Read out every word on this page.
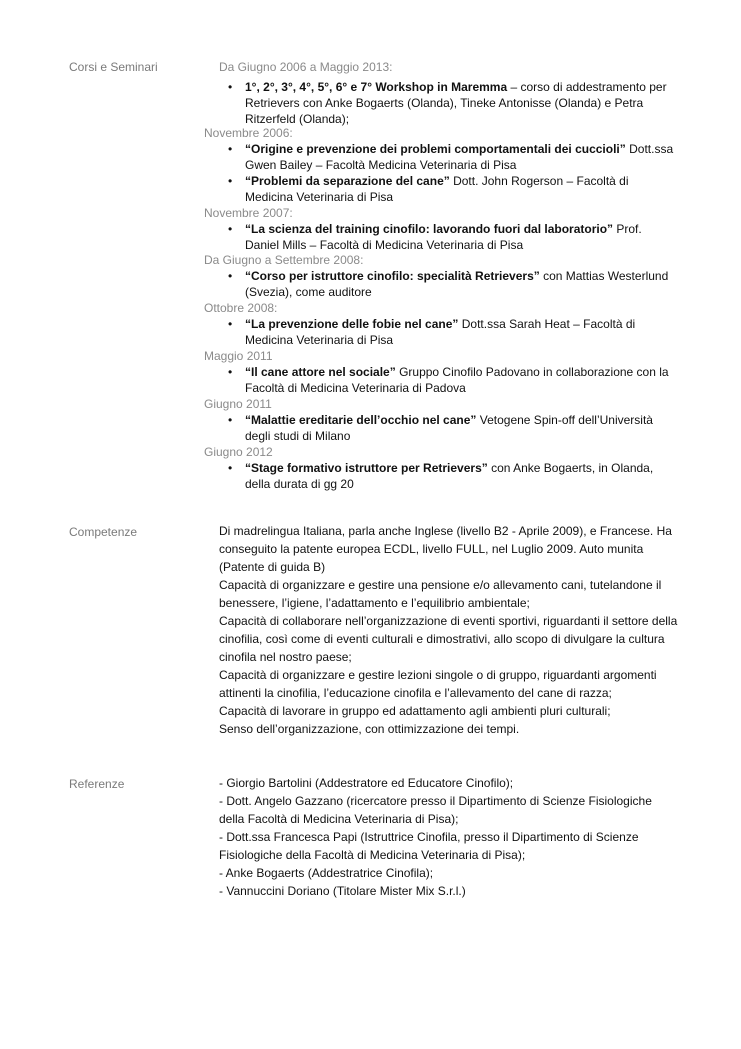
Corsi e Seminari	Da Giugno 2006 a Maggio 2013:
• 1°, 2°, 3°, 4°, 5°, 6° e 7° Workshop in Maremma – corso di addestramento per Retrievers con Anke Bogaerts (Olanda), Tineke Antonisse (Olanda) e Petra Ritzerfeld (Olanda);
Novembre 2006:
• “Origine e prevenzione dei problemi comportamentali dei cuccioli” Dott.ssa Gwen Bailey – Facoltà Medicina Veterinaria di Pisa
• “Problemi da separazione del cane” Dott. John Rogerson – Facoltà di Medicina Veterinaria di Pisa
Novembre 2007:
• “La scienza del training cinofilo: lavorando fuori dal laboratorio” Prof. Daniel Mills – Facoltà di Medicina Veterinaria di Pisa
Da Giugno a Settembre 2008:
• “Corso per istruttore cinofilo: specialità Retrievers” con Mattias Westerlund (Svezia), come auditore
Ottobre 2008:
• “La prevenzione delle fobie nel cane” Dott.ssa Sarah Heat – Facoltà di Medicina Veterinaria di Pisa
Maggio 2011
• “Il cane attore nel sociale” Gruppo Cinofilo Padovano in collaborazione con la Facoltà di Medicina Veterinaria di Padova
Giugno 2011
• “Malattie ereditarie dell’occhio nel cane” Vetogene Spin-off dell’Università degli studi di Milano
Giugno 2012
• “Stage formativo istruttore per Retrievers” con Anke Bogaerts, in Olanda, della durata di gg 20
Competenze	Di madrelingua Italiana, parla anche Inglese (livello B2 - Aprile 2009), e Francese. Ha conseguito la patente europea ECDL, livello FULL, nel Luglio 2009. Auto munita (Patente di guida B)
Capacità di organizzare e gestire una pensione e/o allevamento cani, tutelandone il benessere, l’igiene, l’adattamento e l’equilibrio ambientale;
Capacità di collaborare nell’organizzazione di eventi sportivi, riguardanti il settore della cinofilia, così come di eventi culturali e dimostrativi, allo scopo di divulgare la cultura cinofila nel nostro paese;
Capacità di organizzare e gestire lezioni singole o di gruppo, riguardanti argomenti attinenti la cinofilia, l’educazione cinofila e l’allevamento del cane di razza;
Capacità di lavorare in gruppo ed adattamento agli ambienti pluri culturali;
Senso dell’organizzazione, con ottimizzazione dei tempi.
Referenze	- Giorgio Bartolini (Addestratore ed Educatore Cinofilo);
- Dott. Angelo Gazzano (ricercatore presso il Dipartimento di Scienze Fisiologiche della Facoltà di Medicina Veterinaria di Pisa);
- Dott.ssa Francesca Papi (Istruttrice Cinofila, presso il Dipartimento di Scienze Fisiologiche della Facoltà di Medicina Veterinaria di Pisa);
- Anke Bogaerts (Addestratrice Cinofila);
- Vannuccini Doriano (Titolare Mister Mix S.r.l.)
